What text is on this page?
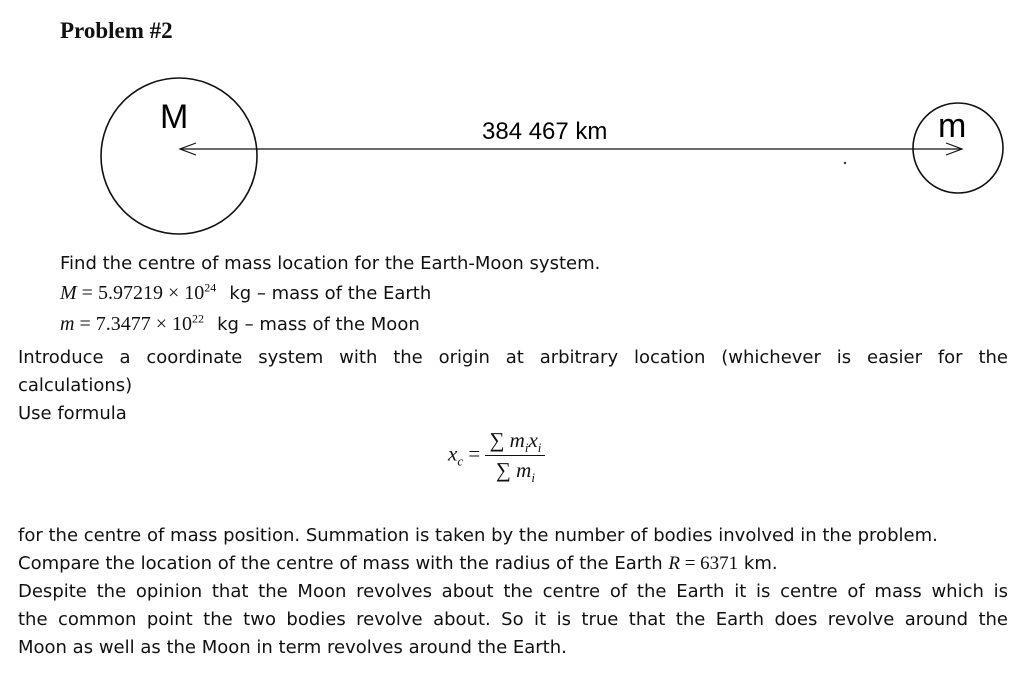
Problem #2
M	m
384 467 km
Find the centre of mass location for the Earth-Moon system.
$M = 5.97219 \times 10^{24}$ kg – mass of the Earth
$m = 7.3477 \times 10^{22}$ kg – mass of the Moon
Introduce a coordinate system with the origin at arbitrary location (whichever is easier for the
calculations)
Use formula
$x_c = \frac{\sum m_ix_i}{\sum m_i}$
for the centre of mass position. Summation is taken by the number of bodies involved in the problem.
Compare the location of the centre of mass with the radius of the Earth R = 6371 km.
Despite the opinion that the Moon revolves about the centre of the Earth it is centre of mass which is
the common point the two bodies revolve about. So it is true that the Earth does revolve around the
Moon as well as the Moon in term revolves around the Earth.
